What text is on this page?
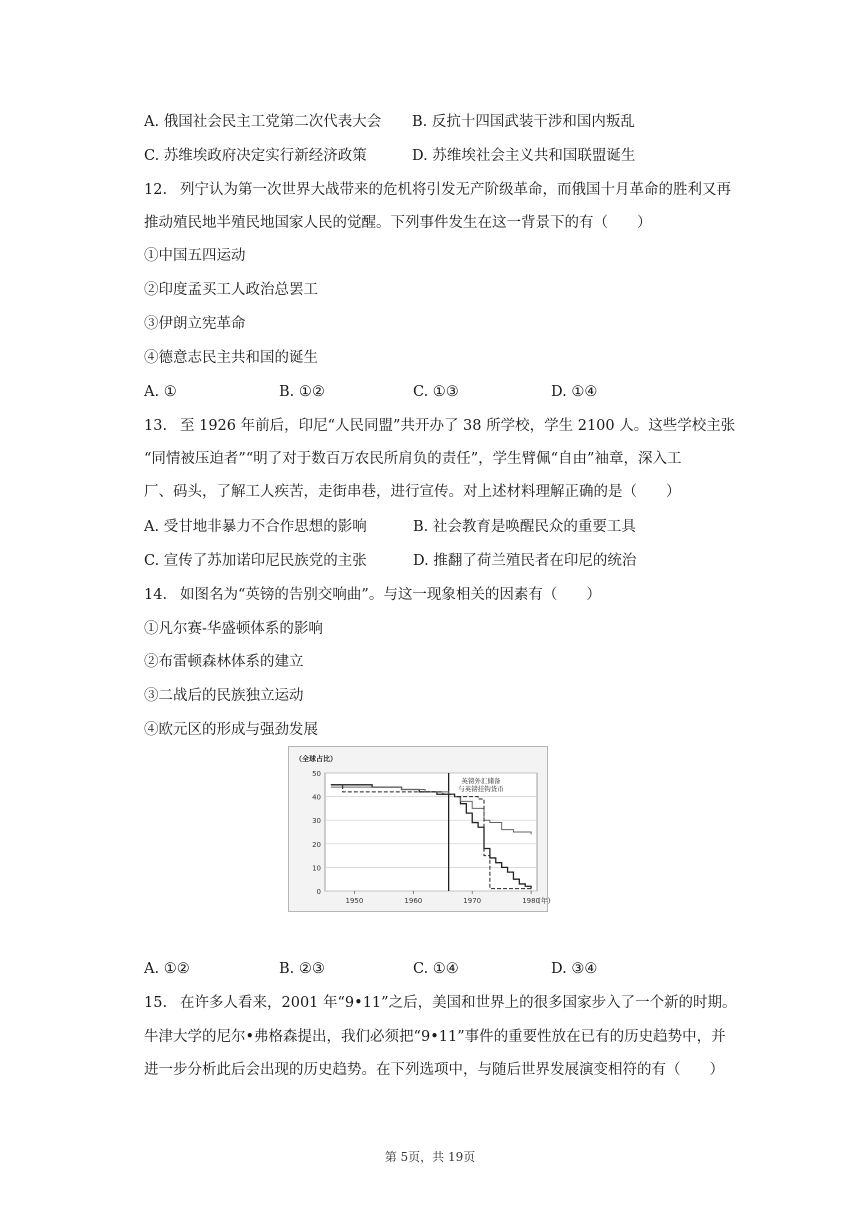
A. 俄国社会民主工党第二次代表大会 B. 反抗十四国武装干涉和国内叛乱
C. 苏维埃政府决定实行新经济政策	D. 苏维埃社会主义共和国联盟诞生
12. 列宁认为第一次世界大战带来的危机将引发无产阶级革命，而俄国十月革命的胜利又再
推动殖民地半殖民地国家人民的觉醒。下列事件发生在这一背景下的有（　　）
①中国五四运动
②印度孟买工人政治总罢工
③伊朗立宪革命
④德意志民主共和国的诞生
A. ①	B. ①②	C. ①③	D. ①④
13. 至 1926 年前后，印尼“人民同盟”共开办了 38 所学校，学生 2100 人。这些学校主张
“同情被压迫者”“明了对于数百万农民所肩负的责任”，学生臂佩“自由”袖章，深入工
厂、码头，了解工人疾苦，走街串巷，进行宣传。对上述材料理解正确的是（　　）
A. 受甘地非暴力不合作思想的影响	B. 社会教育是唤醒民众的重要工具
C. 宣传了苏加诺印尼民族党的主张	D. 推翻了荷兰殖民者在印尼的统治
14. 如图名为“英镑的告别交响曲”。与这一现象相关的因素有（　　）
①凡尔赛-华盛顿体系的影响
②布雷顿森林体系的建立
③二战后的民族独立运动
④欧元区的形成与强劲发展
0
10
20
30
40
50
1950	1960	1970	1980
（全球占比）
(年)
英镑外汇储备
与英镑挂钩货币
A. ①②	B. ②③	C. ①④	D. ③④
15. 在许多人看来，2001 年“9•11”之后，美国和世界上的很多国家步入了一个新的时期。
牛津大学的尼尔•弗格森提出，我们必须把“9•11”事件的重要性放在已有的历史趋势中，并
进一步分析此后会出现的历史趋势。在下列选项中，与随后世界发展演变相符的有（　　）
第 5页，共 19页
